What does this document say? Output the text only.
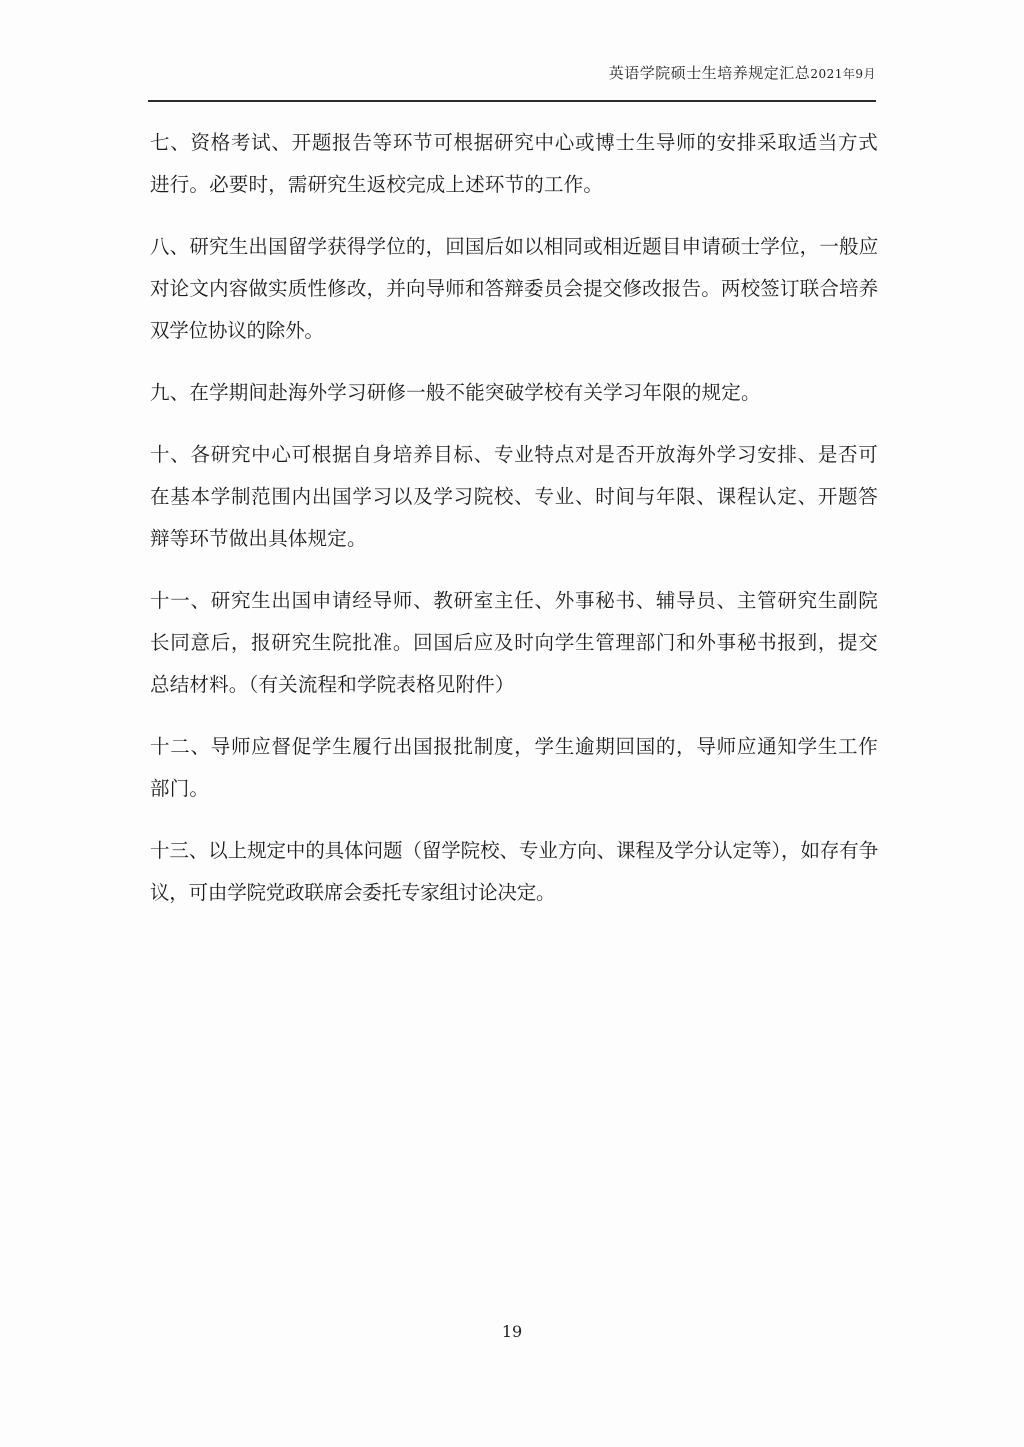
英语学院硕士生培养规定汇总2021年9月

七、资格考试、开题报告等环节可根据研究中心或博士生导师的安排采取适当方式进行。必要时，需研究生返校完成上述环节的工作。

八、研究生出国留学获得学位的，回国后如以相同或相近题目申请硕士学位，一般应对论文内容做实质性修改，并向导师和答辩委员会提交修改报告。两校签订联合培养双学位协议的除外。

九、在学期间赴海外学习研修一般不能突破学校有关学习年限的规定。

十、各研究中心可根据自身培养目标、专业特点对是否开放海外学习安排、是否可在基本学制范围内出国学习以及学习院校、专业、时间与年限、课程认定、开题答辩等环节做出具体规定。

十一、研究生出国申请经导师、教研室主任、外事秘书、辅导员、主管研究生副院长同意后，报研究生院批准。回国后应及时向学生管理部门和外事秘书报到，提交总结材料。（有关流程和学院表格见附件）

十二、导师应督促学生履行出国报批制度，学生逾期回国的，导师应通知学生工作部门。

十三、以上规定中的具体问题（留学院校、专业方向、课程及学分认定等），如存有争议，可由学院党政联席会委托专家组讨论决定。

19
